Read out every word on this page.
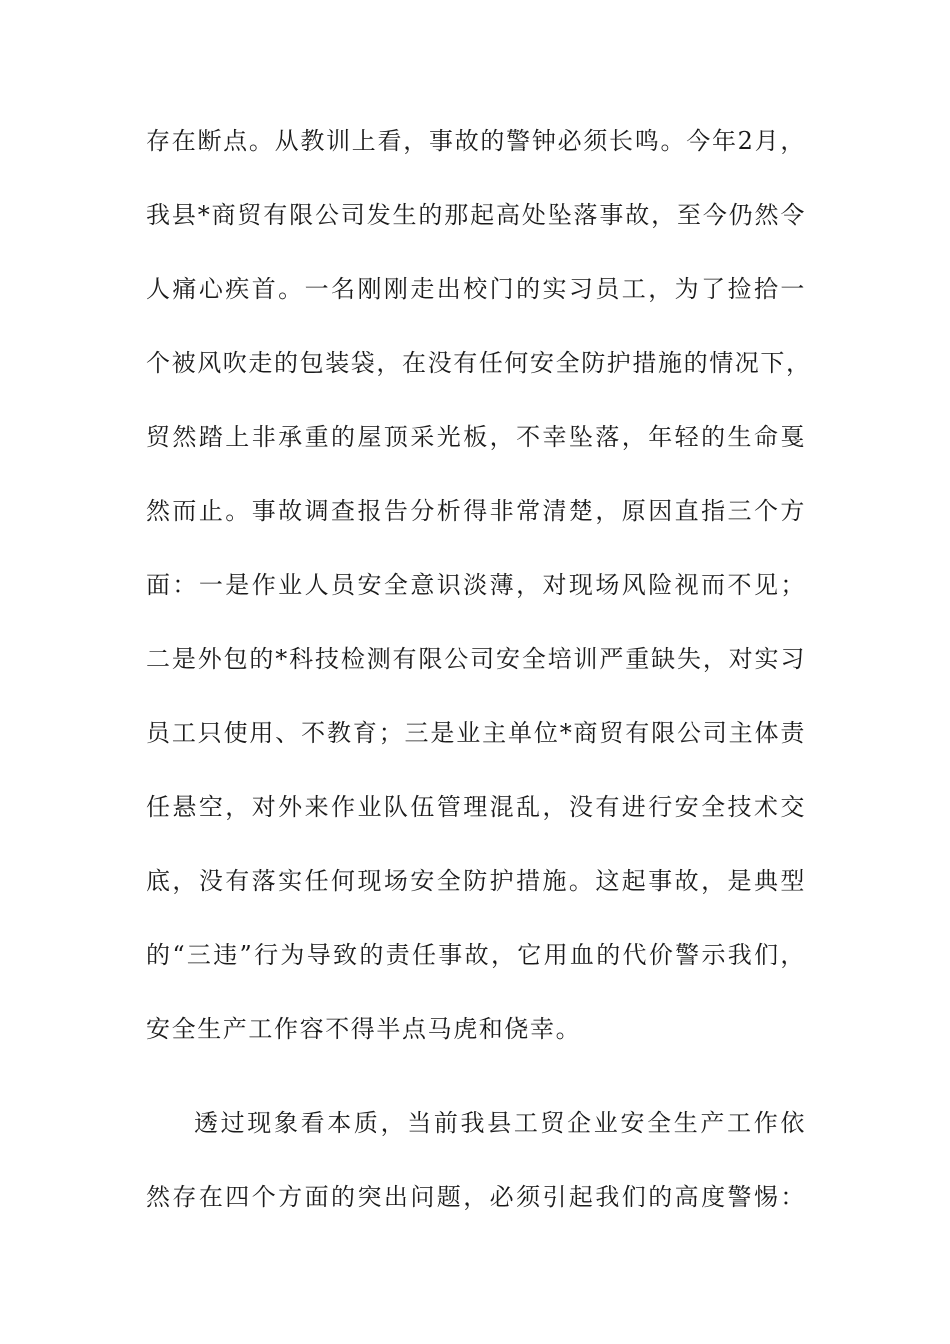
存在断点。从教训上看，事故的警钟必须长鸣。今年2月，
我县*商贸有限公司发生的那起高处坠落事故，至今仍然令
人痛心疾首。一名刚刚走出校门的实习员工，为了捡拾一
个被风吹走的包装袋，在没有任何安全防护措施的情况下，
贸然踏上非承重的屋顶采光板，不幸坠落，年轻的生命戛
然而止。事故调查报告分析得非常清楚，原因直指三个方
面：一是作业人员安全意识淡薄，对现场风险视而不见；
二是外包的*科技检测有限公司安全培训严重缺失，对实习
员工只使用、不教育；三是业主单位*商贸有限公司主体责
任悬空，对外来作业队伍管理混乱，没有进行安全技术交
底，没有落实任何现场安全防护措施。这起事故，是典型
的“三违”行为导致的责任事故，它用血的代价警示我们，
安全生产工作容不得半点马虎和侥幸。
透过现象看本质，当前我县工贸企业安全生产工作依
然存在四个方面的突出问题，必须引起我们的高度警惕：
